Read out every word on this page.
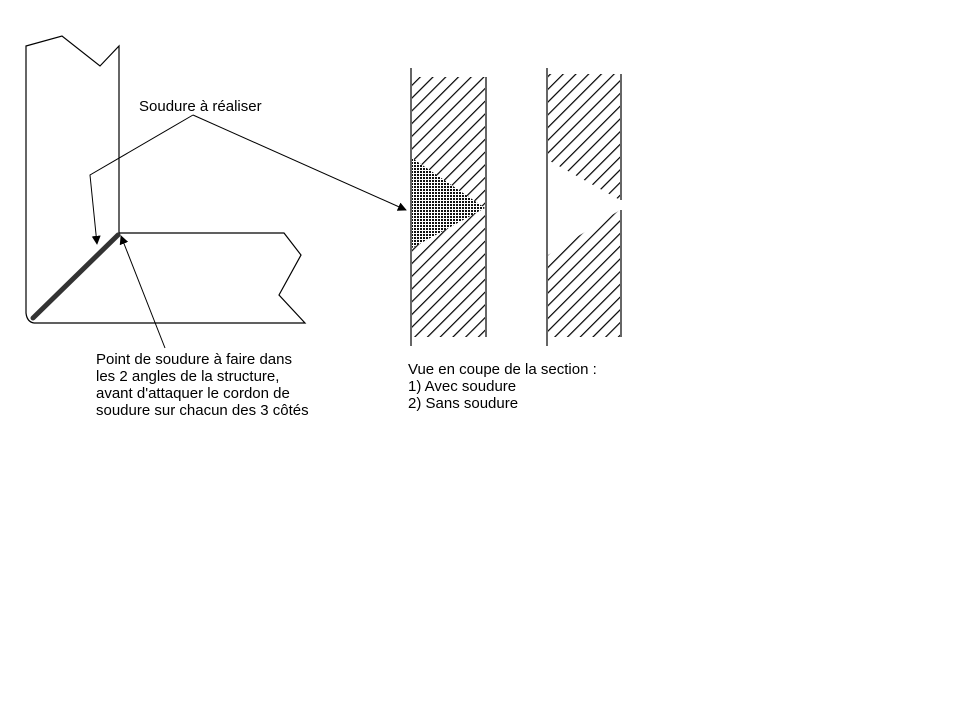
Soudure à réaliser
Point de soudure à faire dans
les 2 angles de la structure,
avant d'attaquer le cordon de
soudure sur chacun des 3 côtés
Vue en coupe de la section :
1) Avec soudure
2) Sans soudure
